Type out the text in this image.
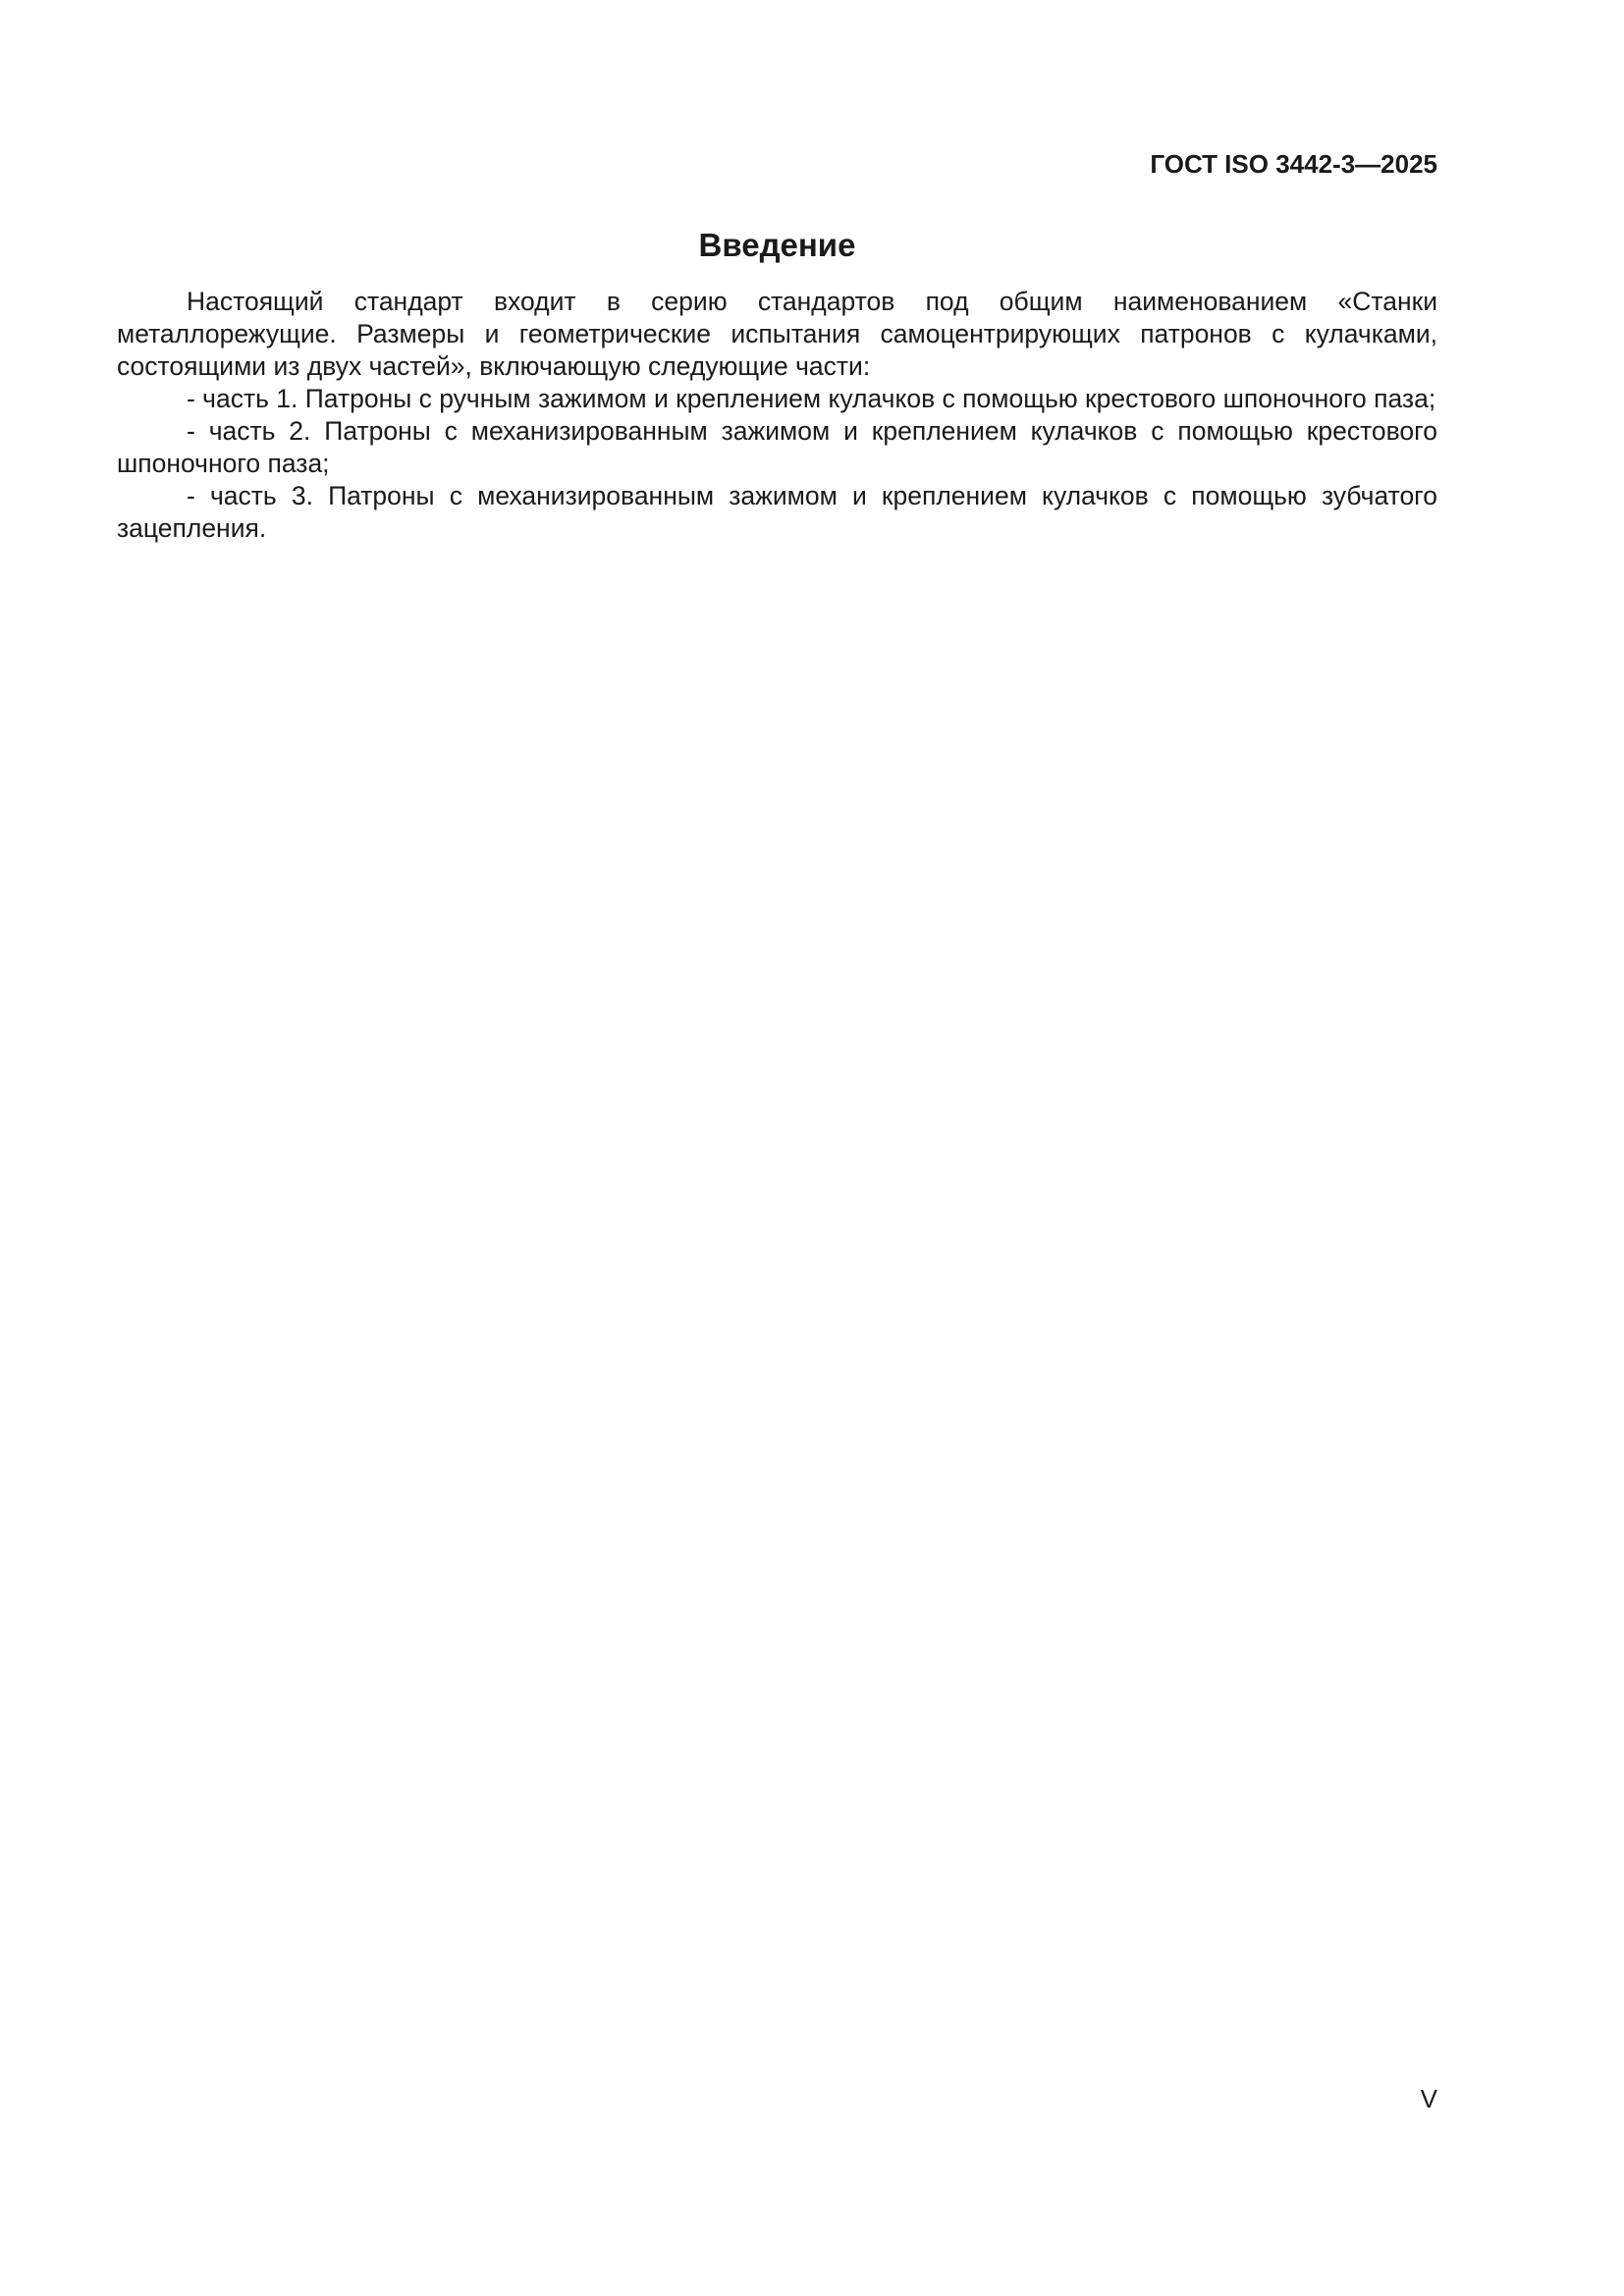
ГОСТ ISO 3442-3—2025
Введение

Настоящий стандарт входит в серию стандартов под общим наименованием «Станки металлорежущие. Размеры и геометрические испытания самоцентрирующих патронов с кулачками, состоящими из двух частей», включающую следующие части:

- часть 1. Патроны с ручным зажимом и креплением кулачков с помощью крестового шпоночного паза;

- часть 2. Патроны с механизированным зажимом и креплением кулачков с помощью крестового шпоночного паза;

- часть 3. Патроны с механизированным зажимом и креплением кулачков с помощью зубчатого зацепления.

V
